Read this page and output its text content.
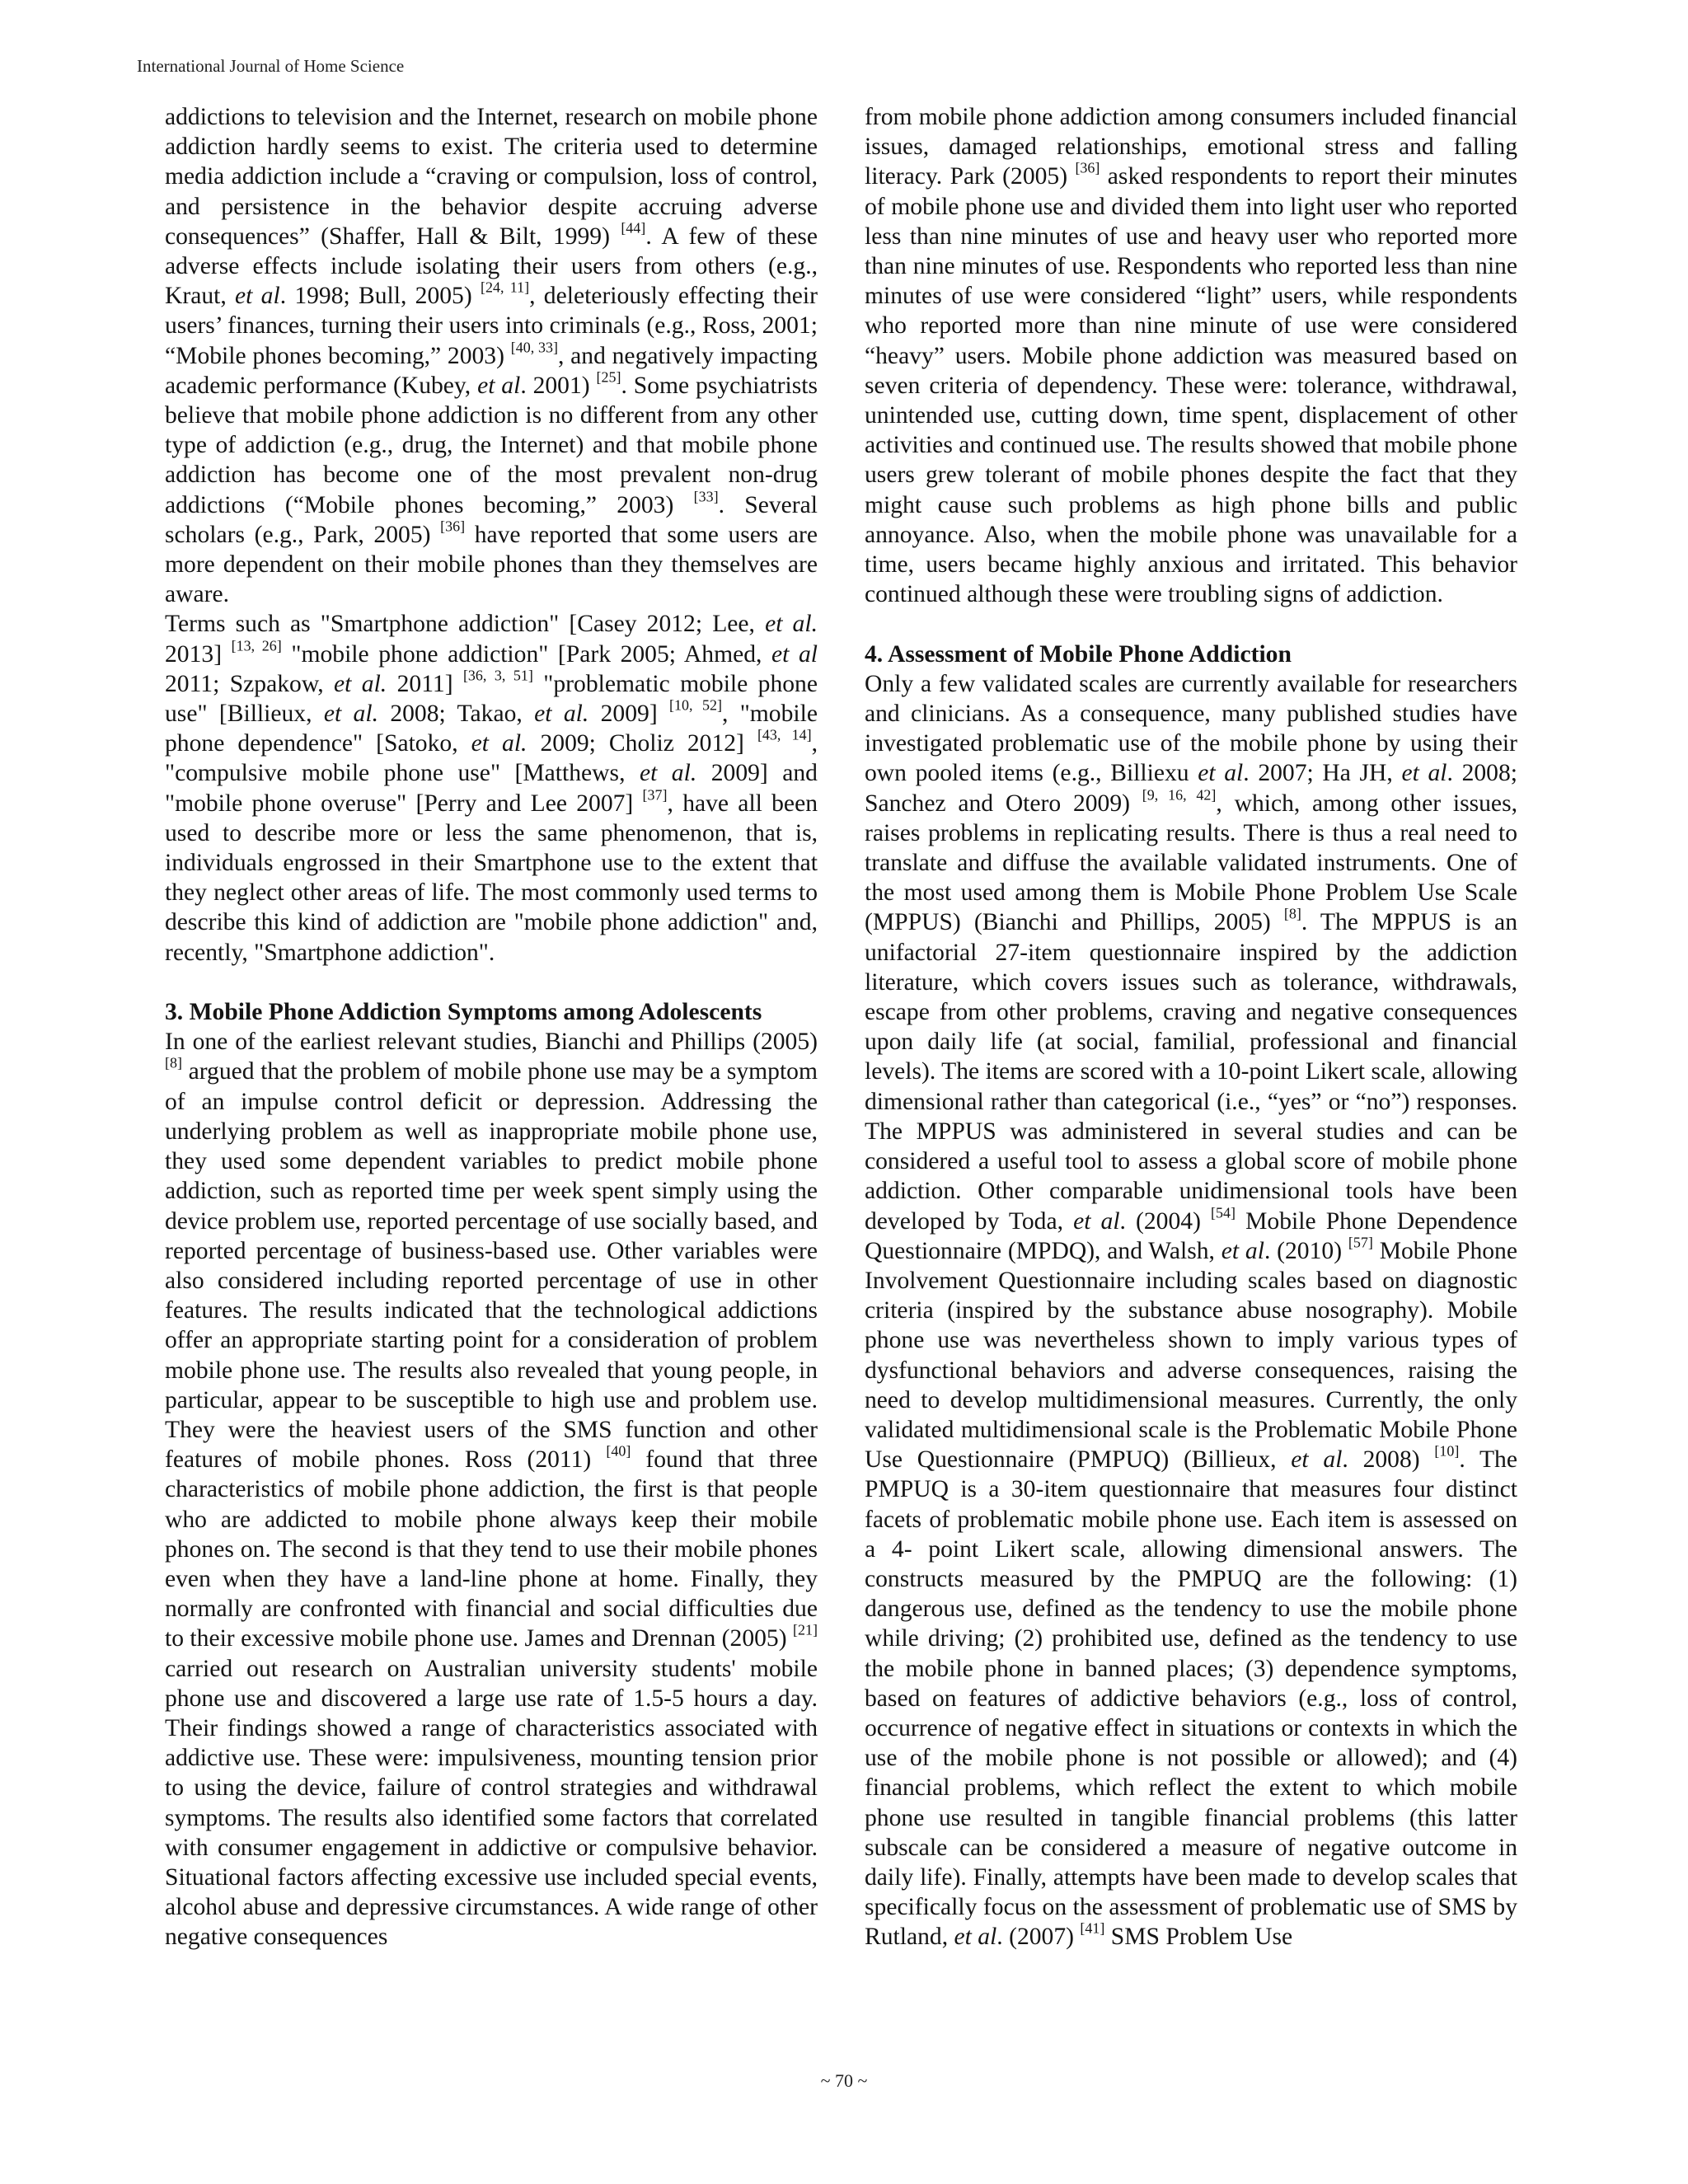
International Journal of Home Science

addictions to television and the Internet, research on mobile phone addiction hardly seems to exist. The criteria used to determine media addiction include a “craving or compulsion, loss of control, and persistence in the behavior despite accruing adverse consequences” (Shaffer, Hall & Bilt, 1999) [44]. A few of these adverse effects include isolating their users from others (e.g., Kraut, et al. 1998; Bull, 2005) [24, 11], deleteriously effecting their users’ finances, turning their users into criminals (e.g., Ross, 2001; “Mobile phones becoming,” 2003) [40, 33], and negatively impacting academic performance (Kubey, et al. 2001) [25]. Some psychiatrists believe that mobile phone addiction is no different from any other type of addiction (e.g., drug, the Internet) and that mobile phone addiction has become one of the most prevalent non-drug addictions (“Mobile phones becoming,” 2003) [33]. Several scholars (e.g., Park, 2005) [36] have reported that some users are more dependent on their mobile phones than they themselves are aware.

Terms such as "Smartphone addiction" [Casey 2012; Lee, et al. 2013] [13, 26] "mobile phone addiction" [Park 2005; Ahmed, et al 2011; Szpakow, et al. 2011] [36, 3, 51] "problematic mobile phone use" [Billieux, et al. 2008; Takao, et al. 2009] [10, 52], "mobile phone dependence" [Satoko, et al. 2009; Choliz 2012] [43, 14], "compulsive mobile phone use" [Matthews, et al. 2009] and "mobile phone overuse" [Perry and Lee 2007] [37], have all been used to describe more or less the same phenomenon, that is, individuals engrossed in their Smartphone use to the extent that they neglect other areas of life. The most commonly used terms to describe this kind of addiction are "mobile phone addiction" and, recently, "Smartphone addiction".

3. Mobile Phone Addiction Symptoms among Adolescents

In one of the earliest relevant studies, Bianchi and Phillips (2005) [8] argued that the problem of mobile phone use may be a symptom of an impulse control deficit or depression. Addressing the underlying problem as well as inappropriate mobile phone use, they used some dependent variables to predict mobile phone addiction, such as reported time per week spent simply using the device problem use, reported percentage of use socially based, and reported percentage of business-based use. Other variables were also considered including reported percentage of use in other features. The results indicated that the technological addictions offer an appropriate starting point for a consideration of problem mobile phone use. The results also revealed that young people, in particular, appear to be susceptible to high use and problem use. They were the heaviest users of the SMS function and other features of mobile phones. Ross (2011) [40] found that three characteristics of mobile phone addiction, the first is that people who are addicted to mobile phone always keep their mobile phones on. The second is that they tend to use their mobile phones even when they have a land-line phone at home. Finally, they normally are confronted with financial and social difficulties due to their excessive mobile phone use. James and Drennan (2005) [21] carried out research on Australian university students' mobile phone use and discovered a large use rate of 1.5-5 hours a day. Their findings showed a range of characteristics associated with addictive use. These were: impulsiveness, mounting tension prior to using the device, failure of control strategies and withdrawal symptoms. The results also identified some factors that correlated with consumer engagement in addictive or compulsive behavior. Situational factors affecting excessive use included special events, alcohol abuse and depressive circumstances. A wide range of other negative consequences

from mobile phone addiction among consumers included financial issues, damaged relationships, emotional stress and falling literacy. Park (2005) [36] asked respondents to report their minutes of mobile phone use and divided them into light user who reported less than nine minutes of use and heavy user who reported more than nine minutes of use. Respondents who reported less than nine minutes of use were considered “light” users, while respondents who reported more than nine minute of use were considered “heavy” users. Mobile phone addiction was measured based on seven criteria of dependency. These were: tolerance, withdrawal, unintended use, cutting down, time spent, displacement of other activities and continued use. The results showed that mobile phone users grew tolerant of mobile phones despite the fact that they might cause such problems as high phone bills and public annoyance. Also, when the mobile phone was unavailable for a time, users became highly anxious and irritated. This behavior continued although these were troubling signs of addiction.

4. Assessment of Mobile Phone Addiction

Only a few validated scales are currently available for researchers and clinicians. As a consequence, many published studies have investigated problematic use of the mobile phone by using their own pooled items (e.g., Billiexu et al. 2007; Ha JH, et al. 2008; Sanchez and Otero 2009) [9, 16, 42], which, among other issues, raises problems in replicating results. There is thus a real need to translate and diffuse the available validated instruments. One of the most used among them is Mobile Phone Problem Use Scale (MPPUS) (Bianchi and Phillips, 2005) [8]. The MPPUS is an unifactorial 27-item questionnaire inspired by the addiction literature, which covers issues such as tolerance, withdrawals, escape from other problems, craving and negative consequences upon daily life (at social, familial, professional and financial levels). The items are scored with a 10-point Likert scale, allowing dimensional rather than categorical (i.e., “yes” or “no”) responses. The MPPUS was administered in several studies and can be considered a useful tool to assess a global score of mobile phone addiction. Other comparable unidimensional tools have been developed by Toda, et al. (2004) [54] Mobile Phone Dependence Questionnaire (MPDQ), and Walsh, et al. (2010) [57] Mobile Phone Involvement Questionnaire including scales based on diagnostic criteria (inspired by the substance abuse nosography). Mobile phone use was nevertheless shown to imply various types of dysfunctional behaviors and adverse consequences, raising the need to develop multidimensional measures. Currently, the only validated multidimensional scale is the Problematic Mobile Phone Use Questionnaire (PMPUQ) (Billieux, et al. 2008) [10]. The PMPUQ is a 30-item questionnaire that measures four distinct facets of problematic mobile phone use. Each item is assessed on a 4- point Likert scale, allowing dimensional answers. The constructs measured by the PMPUQ are the following: (1) dangerous use, defined as the tendency to use the mobile phone while driving; (2) prohibited use, defined as the tendency to use the mobile phone in banned places; (3) dependence symptoms, based on features of addictive behaviors (e.g., loss of control, occurrence of negative effect in situations or contexts in which the use of the mobile phone is not possible or allowed); and (4) financial problems, which reflect the extent to which mobile phone use resulted in tangible financial problems (this latter subscale can be considered a measure of negative outcome in daily life). Finally, attempts have been made to develop scales that specifically focus on the assessment of problematic use of SMS by Rutland, et al. (2007) [41] SMS Problem Use

~ 70 ~
